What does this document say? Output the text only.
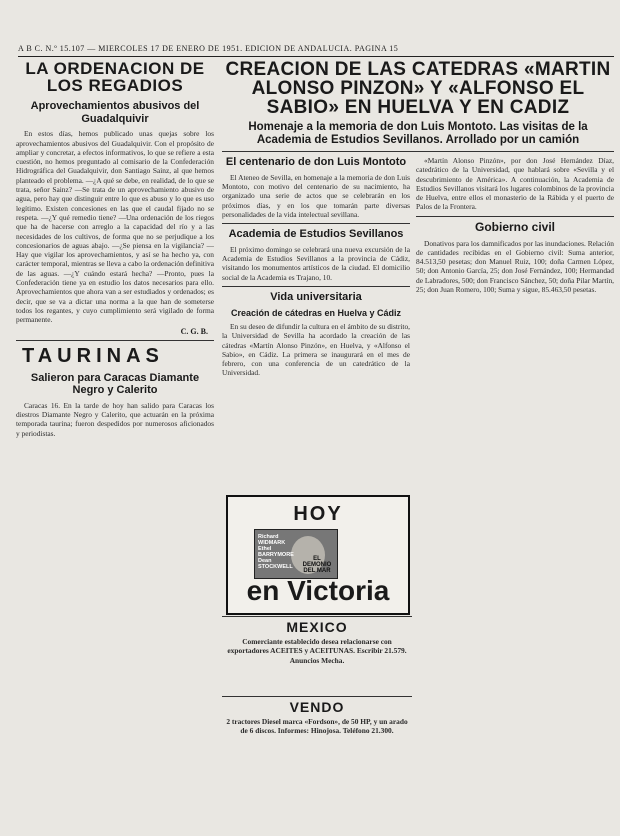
A B C. N.º 15.107 — MIERCOLES 17 DE ENERO DE 1951. EDICION DE ANDALUCIA. PAGINA 15
LA ORDENACION DE LOS REGADIOS
Aprovechamientos abusivos del Guadalquivir

En estos días, hemos publicado unas quejas sobre los aprovechamientos abusivos del Guadalquivir. Con el propósito de ampliar y concretar, a efectos informativos, lo que se refiere a esta cuestión, no hemos preguntado al comisario de la Confederación Hidrográfica del Guadalquivir, don Santiago Sainz, al que hemos planteado el problema. —¿A qué se debe, en realidad, de lo que se trata, señor Sainz? —Se trata de un aprovechamiento abusivo de agua, pero hay que distinguir entre lo que es abuso y lo que es uso legítimo. Existen concesiones en las que el caudal fijado no se respeta. —¿Y qué remedio tiene? —Una ordenación de los riegos que ha de hacerse con arreglo a la capacidad del río y a las necesidades de los cultivos, de forma que no se perjudique a los concesionarios de aguas abajo. —¿Se piensa en la vigilancia? —Hay que vigilar los aprovechamientos, y así se ha hecho ya, con carácter temporal, mientras se lleva a cabo la ordenación definitiva de las aguas. —¿Y cuándo estará hecha? —Pronto, pues la Confederación tiene ya en estudio los datos necesarios para ello. Aprovechamientos que ahora van a ser estudiados y ordenados; es decir, que se va a dictar una norma a la que han de someterse todos los regantes, y cuyo cumplimiento será vigilado de forma permanente.

C. G. B.
TAURINAS
Salieron para Caracas Diamante Negro y Calerito

Caracas 16. En la tarde de hoy han salido para Caracas los diestros Diamante Negro y Calerito, que actuarán en la próxima temporada taurina; fueron despedidos por numerosos aficionados y periodistas.

CREACION DE LAS CATEDRAS «MARTIN ALONSO PINZON» Y «ALFONSO EL SABIO» EN HUELVA Y EN CADIZ
Homenaje a la memoria de don Luis Montoto. Las visitas de la Academia de Estudios Sevillanos. Arrollado por un camión
El centenario de don Luis Montoto

El Ateneo de Sevilla, en homenaje a la memoria de don Luis Montoto, con motivo del centenario de su nacimiento, ha organizado una serie de actos que se celebrarán en los próximos días, y en los que tomarán parte diversas personalidades de la vida intelectual sevillana.

Academia de Estudios Sevillanos

El próximo domingo se celebrará una nueva excursión de la Academia de Estudios Sevillanos a la provincia de Cádiz, visitando los monumentos artísticos de la ciudad. El domicilio social de la Academia es Trajano, 10.

Vida universitaria
Creación de cátedras en Huelva y Cádiz

En su deseo de difundir la cultura en el ámbito de su distrito, la Universidad de Sevilla ha acordado la creación de las cátedras «Martín Alonso Pinzón», en Huelva, y «Alfonso el Sabio», en Cádiz. La primera se inaugurará en el mes de febrero, con una conferencia de un catedrático de la Universidad.

HOY
Richard WIDMARK Ethel BARRYMORE Dean STOCKWELL
EL DEMONIO DEL MAR
en Victoria
MEXICO

Comerciante establecido desea relacionarse con exportadores ACEITES y ACEITUNAS. Escribir 21.579. Anuncios Mecha.

VENDO

2 tractores Diesel marca «Fordson», de 50 HP, y un arado de 6 discos. Informes: Hinojosa. Teléfono 21.300.

«Martín Alonso Pinzón», por don José Hernández Díaz, catedrático de la Universidad, que hablará sobre «Sevilla y el descubrimiento de América». A continuación, la Academia de Estudios Sevillanos visitará los lugares colombinos de la provincia de Huelva, entre ellos el monasterio de la Rábida y el puerto de Palos de la Frontera.

Gobierno civil

Donativos para los damnificados por las inundaciones. Relación de cantidades recibidas en el Gobierno civil: Suma anterior, 84.513,50 pesetas; don Manuel Ruiz, 100; doña Carmen López, 50; don Antonio García, 25; don José Fernández, 100; Hermandad de Labradores, 500; don Francisco Sánchez, 50; doña Pilar Martín, 25; don Juan Romero, 100; Suma y sigue, 85.463,50 pesetas.
